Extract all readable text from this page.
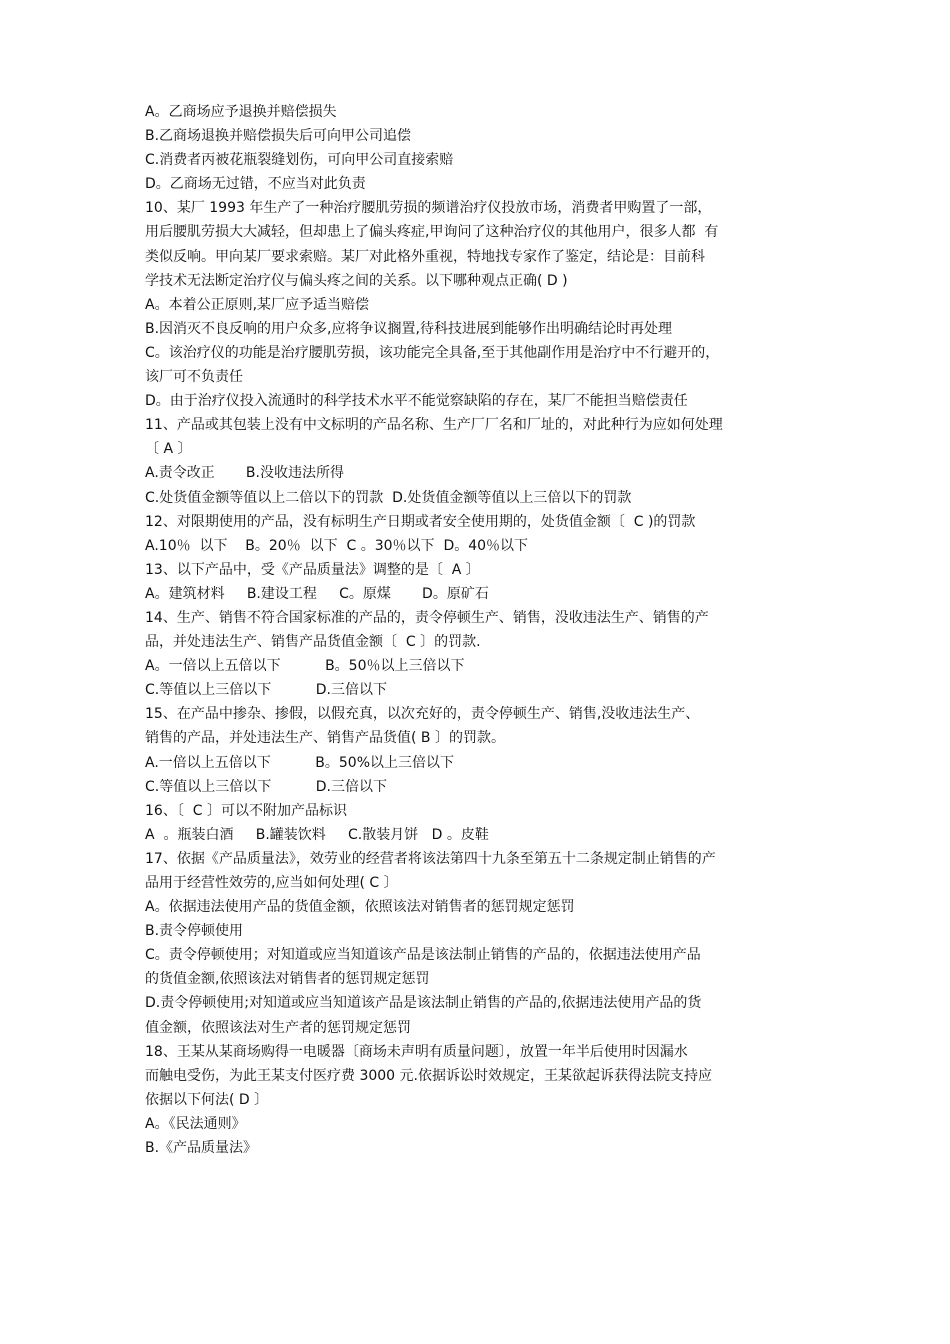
A。乙商场应予退换并赔偿损失
B.乙商场退换并赔偿损失后可向甲公司追偿
C.消费者丙被花瓶裂缝划伤，可向甲公司直接索赔
D。乙商场无过错，不应当对此负责
10、某厂 1993 年生产了一种治疗腰肌劳损的频谱治疗仪投放市场，消费者甲购置了一部，
用后腰肌劳损大大减轻，但却患上了偏头疼症,甲询问了这种治疗仪的其他用户，很多人都  有
类似反响。甲向某厂要求索赔。某厂对此格外重视，特地找专家作了鉴定，结论是：目前科
学技术无法断定治疗仪与偏头疼之间的关系。以下哪种观点正确( D )
A。本着公正原则,某厂应予适当赔偿
B.因消灭不良反响的用户众多,应将争议搁置,待科技进展到能够作出明确结论时再处理
C。该治疗仪的功能是治疗腰肌劳损，该功能完全具备,至于其他副作用是治疗中不行避开的，
该厂可不负责任
D。由于治疗仪投入流通时的科学技术水平不能觉察缺陷的存在，某厂不能担当赔偿责任
11、产品或其包装上没有中文标明的产品名称、生产厂厂名和厂址的，对此种行为应如何处理
〔 A 〕
A.责令改正       B.没收违法所得
C.处货值金额等值以上二倍以下的罚款  D.处货值金额等值以上三倍以下的罚款
12、对限期使用的产品，没有标明生产日期或者安全使用期的，处货值金额〔  C )的罚款
A.10％  以下    B。20％  以下  C 。30％以下  D。40％以下
13、以下产品中，受《产品质量法》调整的是〔  A 〕
A。建筑材料     B.建设工程     C。原煤       D。原矿石
14、生产、销售不符合国家标准的产品的，责令停顿生产、销售，没收违法生产、销售的产
品，并处违法生产、销售产品货值金额〔  C 〕的罚款.
A。一倍以上五倍以下          B。50％以上三倍以下
C.等值以上三倍以下          D.三倍以下
15、在产品中掺杂、掺假，以假充真，以次充好的，责令停顿生产、销售,没收违法生产、
销售的产品，并处违法生产、销售产品货值( B 〕的罚款。
A.一倍以上五倍以下          B。50%以上三倍以下
C.等值以上三倍以下          D.三倍以下
16、〔  C 〕可以不附加产品标识
A  。瓶装白酒     B.罐装饮料     C.散装月饼   D 。皮鞋
17、依据《产品质量法》，效劳业的经营者将该法第四十九条至第五十二条规定制止销售的产
品用于经营性效劳的,应当如何处理( C 〕
A。依据违法使用产品的货值金额，依照该法对销售者的惩罚规定惩罚
B.责令停顿使用
C。责令停顿使用；对知道或应当知道该产品是该法制止销售的产品的，依据违法使用产品
的货值金额,依照该法对销售者的惩罚规定惩罚
D.责令停顿使用;对知道或应当知道该产品是该法制止销售的产品的,依据违法使用产品的货
值金额，依照该法对生产者的惩罚规定惩罚
18、王某从某商场购得一电暖器〔商场未声明有质量问题〕，放置一年半后使用时因漏水
而触电受伤，为此王某支付医疗费 3000 元.依据诉讼时效规定，王某欲起诉获得法院支持应
依据以下何法( D 〕
A。《民法通则》
B.《产品质量法》
